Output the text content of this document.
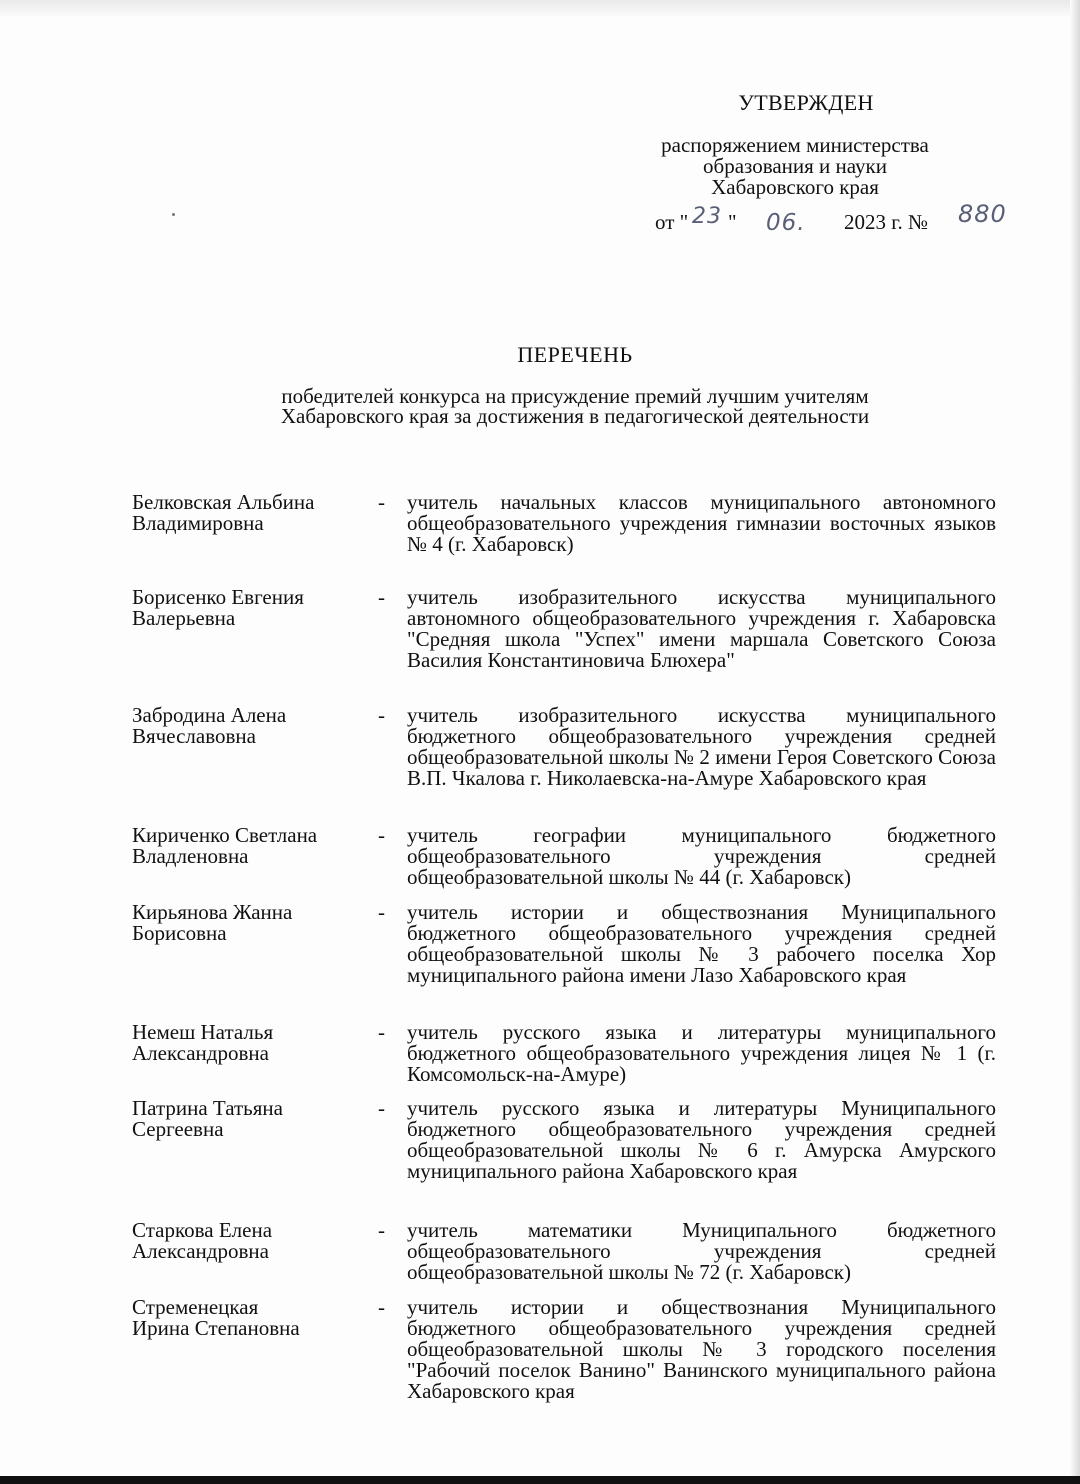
УТВЕРЖДЕН
распоряжением министерства
образования и науки
Хабаровского края
от " 23 " 06. 2023 г. № 880
ПЕРЕЧЕНЬ
победителей конкурса на присуждение премий лучшим учителям
Хабаровского края за достижения в педагогической деятельности
Белковская Альбина
Владимировна
- учитель начальных классов муниципального автономного общеобразовательного учреждения гимназии восточных языков № 4 (г. Хабаровск)
Борисенко Евгения
Валерьевна
- учитель изобразительного искусства муниципального автономного общеобразовательного учреждения г. Хабаровска "Средняя школа "Успех" имени маршала Советского Союза Василия Константиновича Блюхера"
Забродина Алена
Вячеславовна
- учитель изобразительного искусства муниципального бюджетного общеобразовательного учреждения средней общеобразовательной школы № 2 имени Героя Советского Союза В.П. Чкалова г. Николаевска-на-Амуре Хабаровского края
Кириченко Светлана
Владленовна
- учитель географии муниципального бюджетного общеобразовательного учреждения средней общеобразовательной школы № 44 (г. Хабаровск)
Кирьянова Жанна
Борисовна
- учитель истории и обществознания Муниципального бюджетного общеобразовательного учреждения средней общеобразовательной школы № 3 рабочего поселка Хор муниципального района имени Лазо Хабаровского края
Немеш Наталья
Александровна
- учитель русского языка и литературы муниципального бюджетного общеобразовательного учреждения лицея № 1 (г. Комсомольск-на-Амуре)
Патрина Татьяна
Сергеевна
- учитель русского языка и литературы Муниципального бюджетного общеобразовательного учреждения средней общеобразовательной школы № 6 г. Амурска Амурского муниципального района Хабаровского края
Старкова Елена
Александровна
- учитель математики Муниципального бюджетного общеобразовательного учреждения средней общеобразовательной школы № 72 (г. Хабаровск)
Стременецкая
Ирина Степановна
- учитель истории и обществознания Муниципального бюджетного общеобразовательного учреждения средней общеобразовательной школы № 3 городского поселения "Рабочий поселок Ванино" Ванинского муниципального района Хабаровского края
